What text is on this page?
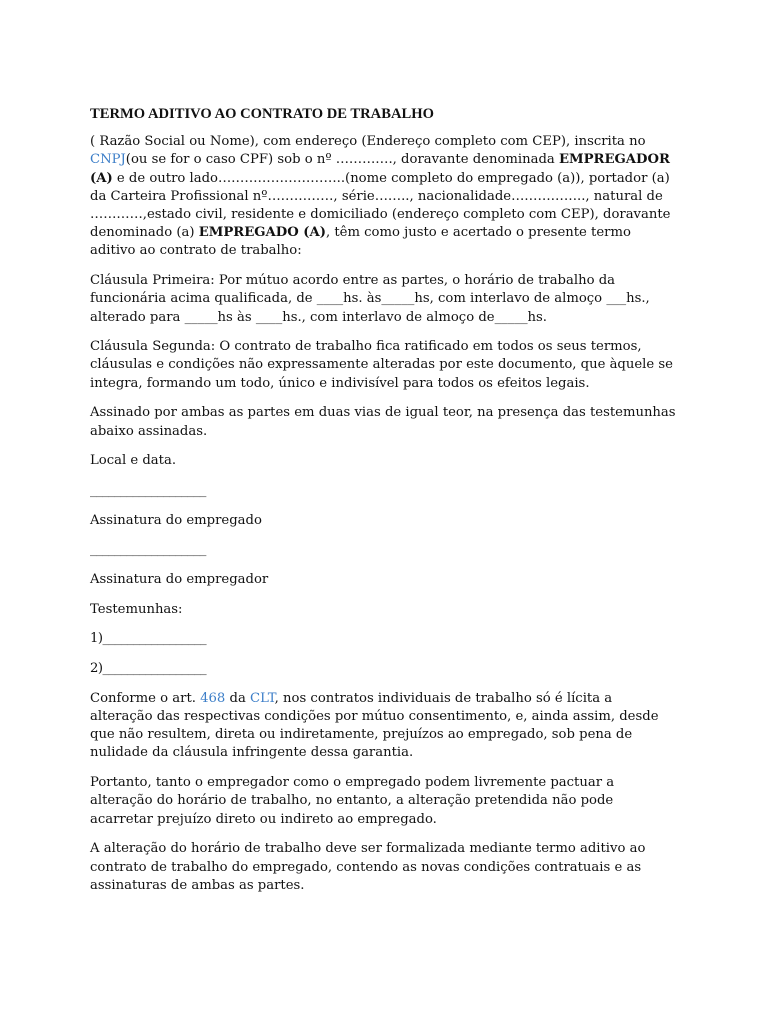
TERMO ADITIVO AO CONTRATO DE TRABALHO

( Razão Social ou Nome), com endereço (Endereço completo com CEP), inscrita no CNPJ(ou se for o caso CPF) sob o nº …………., doravante denominada EMPREGADOR (A) e de outro lado………………………..(nome completo do empregado (a)), portador (a) da Carteira Profissional nº……………, série…….., nacionalidade…………….., natural de …………,estado civil, residente e domiciliado (endereço completo com CEP), doravante denominado (a) EMPREGADO (A), têm como justo e acertado o presente termo aditivo ao contrato de trabalho:

Cláusula Primeira: Por mútuo acordo entre as partes, o horário de trabalho da funcionária acima qualificada, de ____hs. às_____hs, com interlavo de almoço ___hs., alterado para _____hs às ____hs., com interlavo de almoço de_____hs.

Cláusula Segunda: O contrato de trabalho fica ratificado em todos os seus termos, cláusulas e condições não expressamente alteradas por este documento, que àquele se integra, formando um todo, único e indivisível para todos os efeitos legais.

Assinado por ambas as partes em duas vias de igual teor, na presença das testemunhas abaixo assinadas.

Local e data.

___________________

Assinatura do empregado

___________________

Assinatura do empregador

Testemunhas:

1)_________________

2)_________________

Conforme o art. 468 da CLT, nos contratos individuais de trabalho só é lícita a alteração das respectivas condições por mútuo consentimento, e, ainda assim, desde que não resultem, direta ou indiretamente, prejuízos ao empregado, sob pena de nulidade da cláusula infringente dessa garantia.

Portanto, tanto o empregador como o empregado podem livremente pactuar a alteração do horário de trabalho, no entanto, a alteração pretendida não pode acarretar prejuízo direto ou indireto ao empregado.

A alteração do horário de trabalho deve ser formalizada mediante termo aditivo ao contrato de trabalho do empregado, contendo as novas condições contratuais e as assinaturas de ambas as partes.
